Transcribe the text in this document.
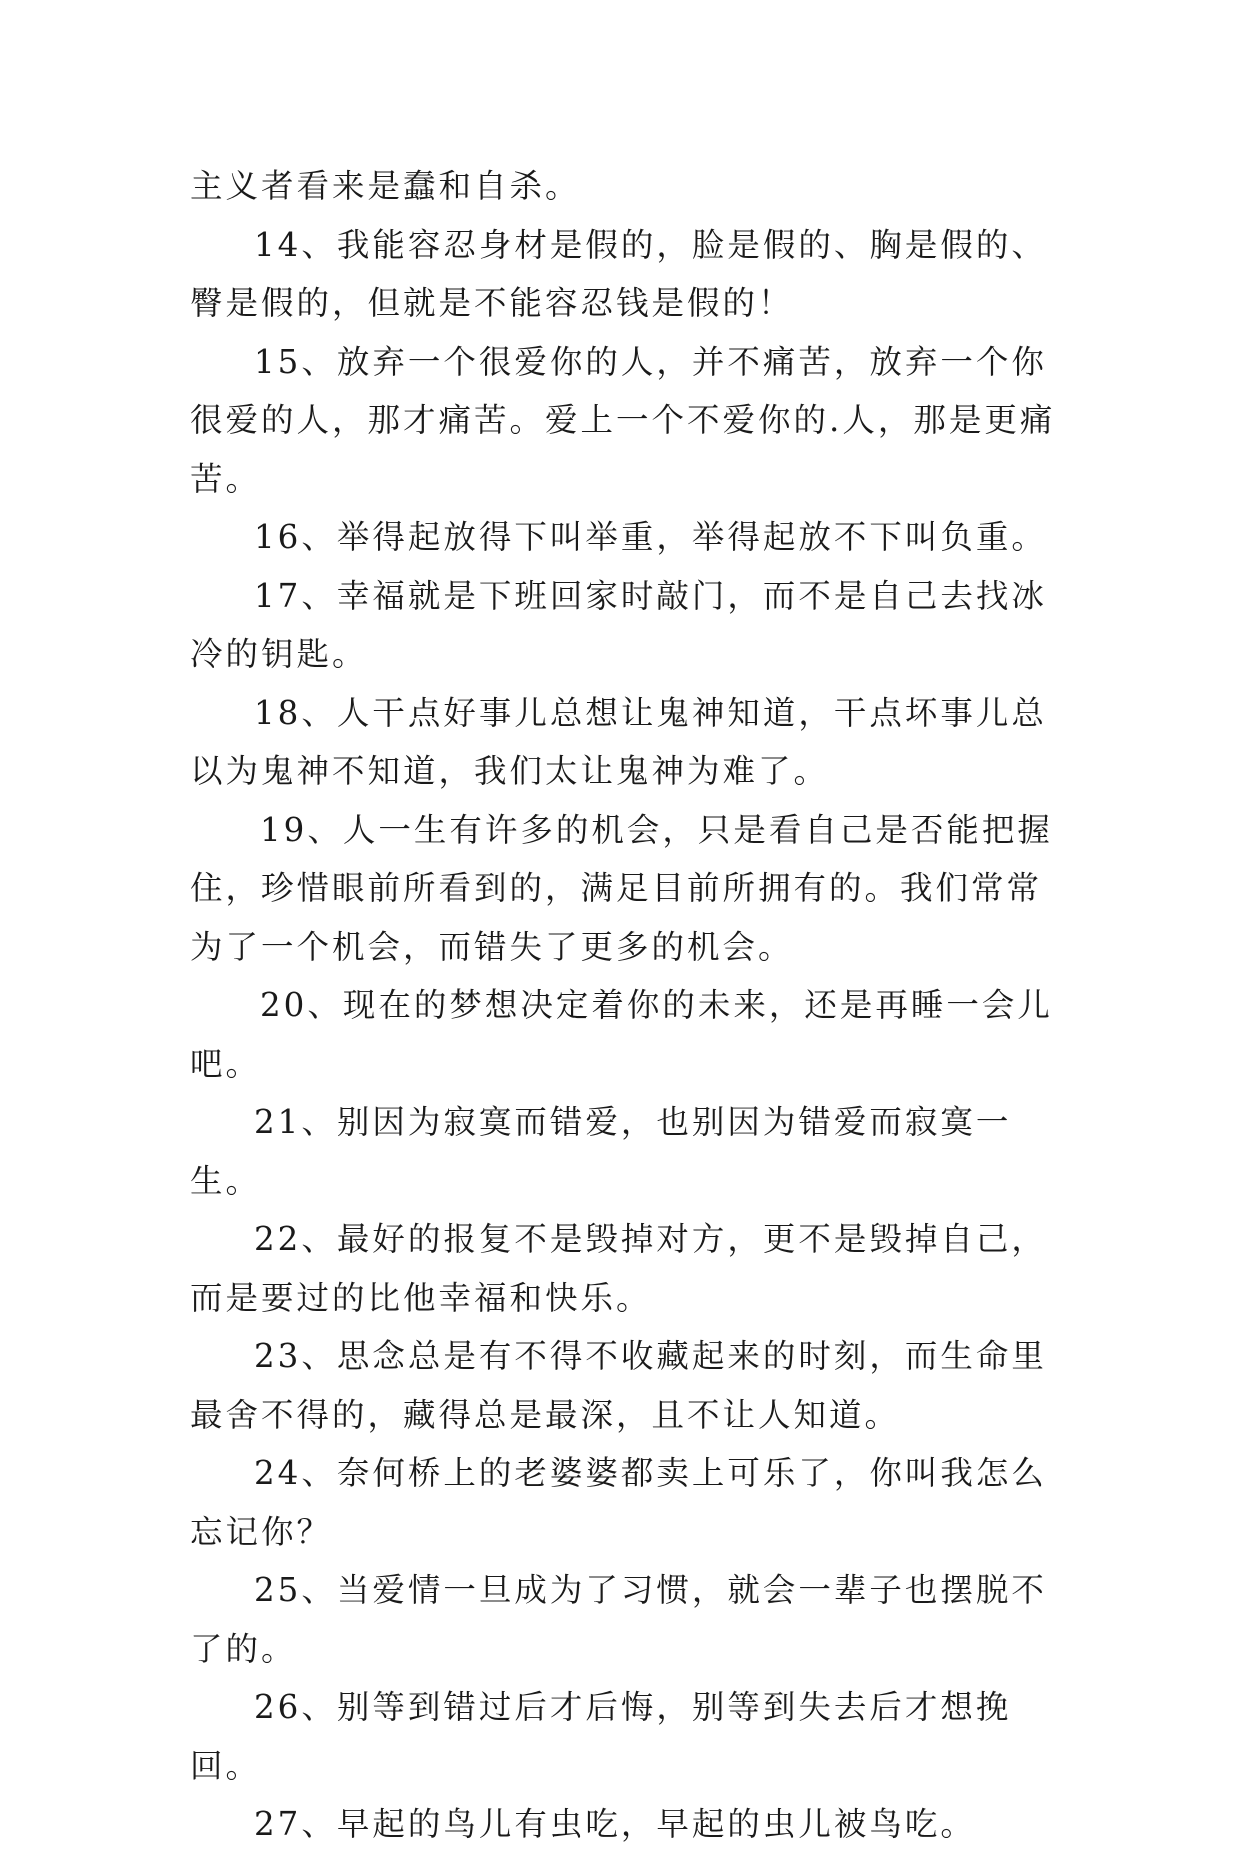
主义者看来是蠢和自杀。

14、我能容忍身材是假的，脸是假的、胸是假的、臀是假的，但就是不能容忍钱是假的！

15、放弃一个很爱你的人，并不痛苦，放弃一个你很爱的人，那才痛苦。爱上一个不爱你的.人，那是更痛苦。

16、举得起放得下叫举重，举得起放不下叫负重。

17、幸福就是下班回家时敲门，而不是自己去找冰冷的钥匙。

18、人干点好事儿总想让鬼神知道，干点坏事儿总以为鬼神不知道，我们太让鬼神为难了。

19、人一生有许多的机会，只是看自己是否能把握住，珍惜眼前所看到的，满足目前所拥有的。我们常常为了一个机会，而错失了更多的机会。

20、现在的梦想决定着你的未来，还是再睡一会儿吧。

21、别因为寂寞而错爱，也别因为错爱而寂寞一生。

22、最好的报复不是毁掉对方，更不是毁掉自己，而是要过的比他幸福和快乐。

23、思念总是有不得不收藏起来的时刻，而生命里最舍不得的，藏得总是最深，且不让人知道。

24、奈何桥上的老婆婆都卖上可乐了，你叫我怎么忘记你？

25、当爱情一旦成为了习惯，就会一辈子也摆脱不了的。

26、别等到错过后才后悔，别等到失去后才想挽回。

27、早起的鸟儿有虫吃，早起的虫儿被鸟吃。
